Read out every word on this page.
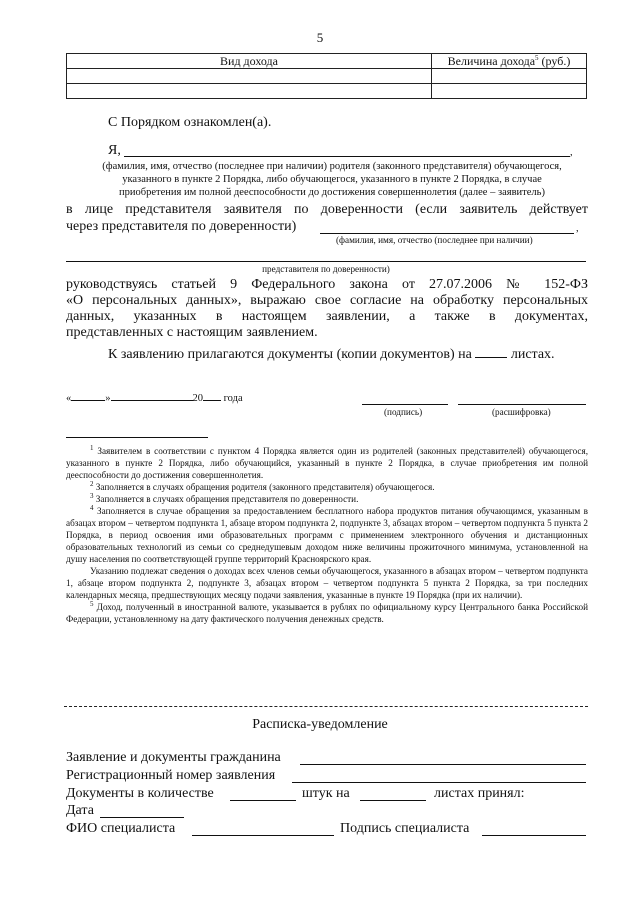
5
Вид дохода	Величина дохода$^5$ (руб.)

С Порядком ознакомлен(а).
Я,	,
(фамилия, имя, отчество (последнее при наличии) родителя (законного представителя) обучающегося,
указанного в пункте 2 Порядка, либо обучающегося, указанного в пункте 2 Порядка, в случае
приобретения им полной дееспособности до достижения совершеннолетия (далее – заявитель)
в лице представителя заявителя по доверенности (если заявитель действует
через представителя по доверенности)	,
(фамилия, имя, отчество (последнее при наличии)
представителя по доверенности)
руководствуясь статьей 9 Федерального закона от 27.07.2006 № 152-ФЗ
«О персональных данных», выражаю свое согласие на обработку персональных
данных, указанных в настоящем заявлении, а также в документах,
представленных с настоящим заявлением.
К заявлению прилагаются документы (копии документов) на	листах.
«	»	20 года
(подпись)	(расшифровка)

$^1$ Заявителем в соответствии с пунктом 4 Порядка является один из родителей (законных представителей) обучающегося, указанного в пункте 2 Порядка, либо обучающийся, указанный в пункте 2 Порядка, в случае приобретения им полной дееспособности до достижения совершеннолетия.

$^2$ Заполняется в случаях обращения родителя (законного представителя) обучающегося.

$^3$ Заполняется в случаях обращения представителя по доверенности.

$^4$ Заполняется в случае обращения за предоставлением бесплатного набора продуктов питания обучающимся, указанным в абзацах втором – четвертом подпункта 1, абзаце втором подпункта 2, подпункте 3, абзацах втором – четвертом подпункта 5 пункта 2 Порядка, в период освоения ими образовательных программ с применением электронного обучения и дистанционных образовательных технологий из семьи со среднедушевым доходом ниже величины прожиточного минимума, установленной на душу населения по соответствующей группе территорий Красноярского края.

Указанию подлежат сведения о доходах всех членов семьи обучающегося, указанного в абзацах втором – четвертом подпункта 1, абзаце втором подпункта 2, подпункте 3, абзацах втором – четвертом подпункта 5 пункта 2 Порядка, за три последних календарных месяца, предшествующих месяцу подачи заявления, указанные в пункте 19 Порядка (при их наличии).

$^5$ Доход, полученный в иностранной валюте, указывается в рублях по официальному курсу Центрального банка Российской Федерации, установленному на дату фактического получения денежных средств.

Расписка-уведомление
Заявление и документы гражданина
Регистрационный номер заявления
Документы в количестве	штук на	листах принял:
Дата
ФИО специалиста	Подпись специалиста
